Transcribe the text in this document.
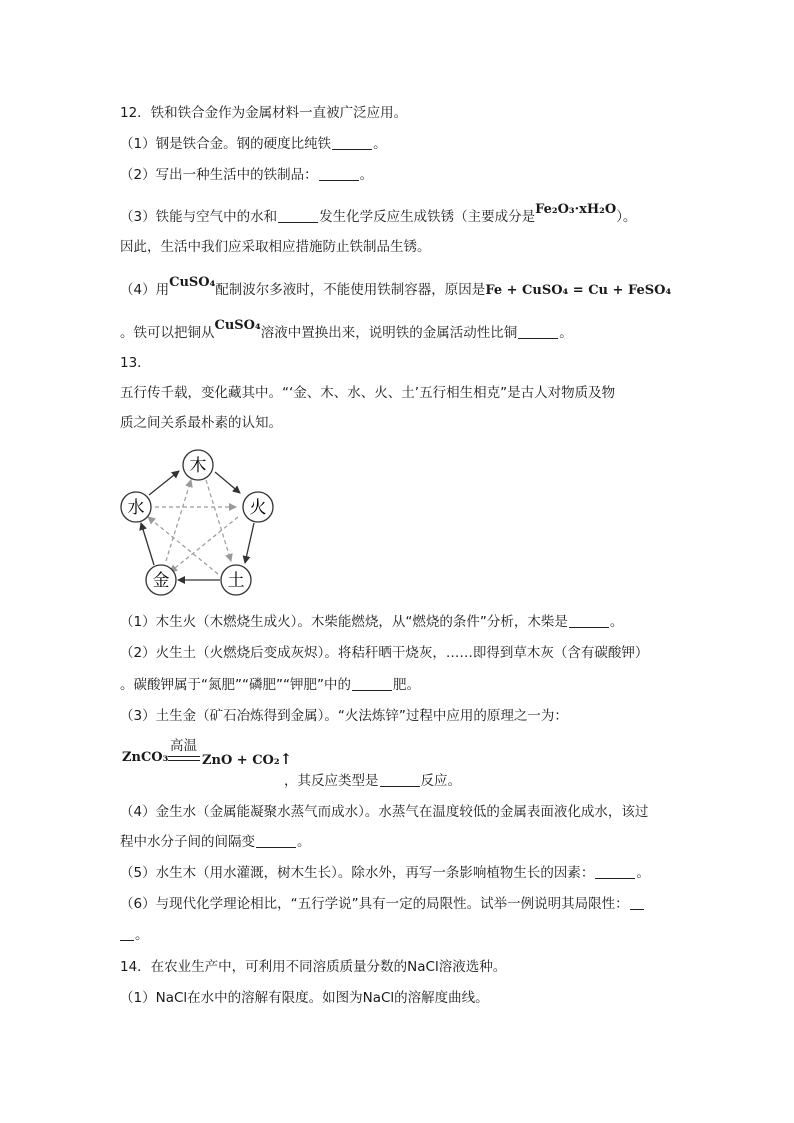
12．铁和铁合金作为金属材料一直被广泛应用。
（1）钢是铁合金。钢的硬度比纯铁	。
（2）写出一种生活中的铁制品：	。
（3）铁能与空气中的水和	发生化学反应生成铁锈（主要成分是Fe₂O₃·xH₂O）。
因此，生活中我们应采取相应措施防止铁制品生锈。
（4）用CuSO₄配制波尔多液时，不能使用铁制容器，原因是Fe + CuSO₄ = Cu + FeSO₄
。铁可以把铜从CuSO₄溶液中置换出来，说明铁的金属活动性比铜	。
13．
五行传千载，变化藏其中。“‘金、木、水、火、土’五行相生相克”是古人对物质及物
质之间关系最朴素的认知。
木
火
土
金
水
（1）木生火（木燃烧生成火）。木柴能燃烧，从“燃烧的条件”分析，木柴是	。
（2）火生土（火燃烧后变成灰烬）。将秸秆晒干烧灰，……即得到草木灰（含有碳酸钾）
。碳酸钾属于“氮肥”“磷肥”“钾肥”中的	肥。
（3）土生金（矿石冶炼得到金属）。“火法炼锌”过程中应用的原理之一为：
高温
ZnCO₃	ZnO + CO₂↑
，其反应类型是	反应。
（4）金生水（金属能凝聚水蒸气而成水）。水蒸气在温度较低的金属表面液化成水，该过
程中水分子间的间隔变	。
（5）水生木（用水灌溉，树木生长）。除水外，再写一条影响植物生长的因素：	。
（6）与现代化学理论相比，“五行学说”具有一定的局限性。试举一例说明其局限性：
。
14．在农业生产中，可利用不同溶质质量分数的NaCl溶液选种。
（1）NaCl在水中的溶解有限度。如图为NaCl的溶解度曲线。
